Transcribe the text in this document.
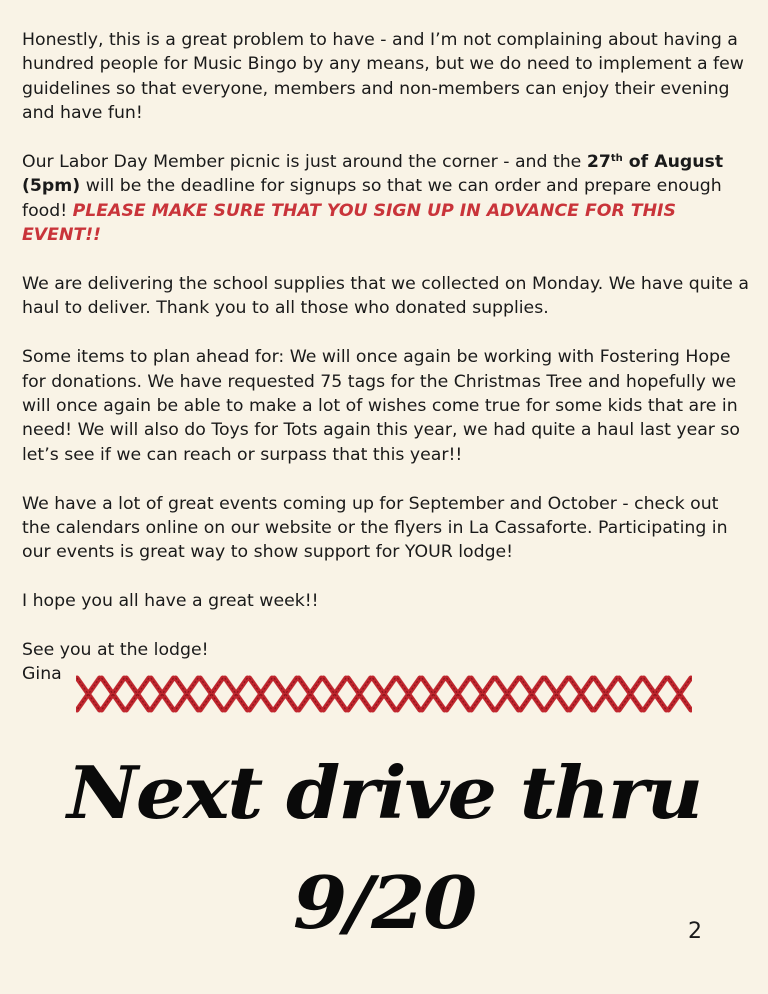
Honestly, this is a great problem to have - and I’m not complaining about having a hundred people for Music Bingo by any means, but we do need to implement a few guidelines so that everyone, members and non-members can enjoy their evening and have fun!

Our Labor Day Member picnic is just around the corner - and the 27th of August (5pm) will be the deadline for signups so that we can order and prepare enough food! PLEASE MAKE SURE THAT YOU SIGN UP IN ADVANCE FOR THIS EVENT!!

We are delivering the school supplies that we collected on Monday. We have quite a haul to deliver. Thank you to all those who donated supplies.

Some items to plan ahead for: We will once again be working with Fostering Hope for donations. We have requested 75 tags for the Christmas Tree and hopefully we will once again be able to make a lot of wishes come true for some kids that are in need! We will also do Toys for Tots again this year, we had quite a haul last year so let’s see if we can reach or surpass that this year!!

We have a lot of great events coming up for September and October - check out the calendars online on our website or the flyers in La Cassaforte. Participating in our events is great way to show support for YOUR lodge!

I hope you all have a great week!!

See you at the lodge!

Gina

Next drive thru
9/20	2
